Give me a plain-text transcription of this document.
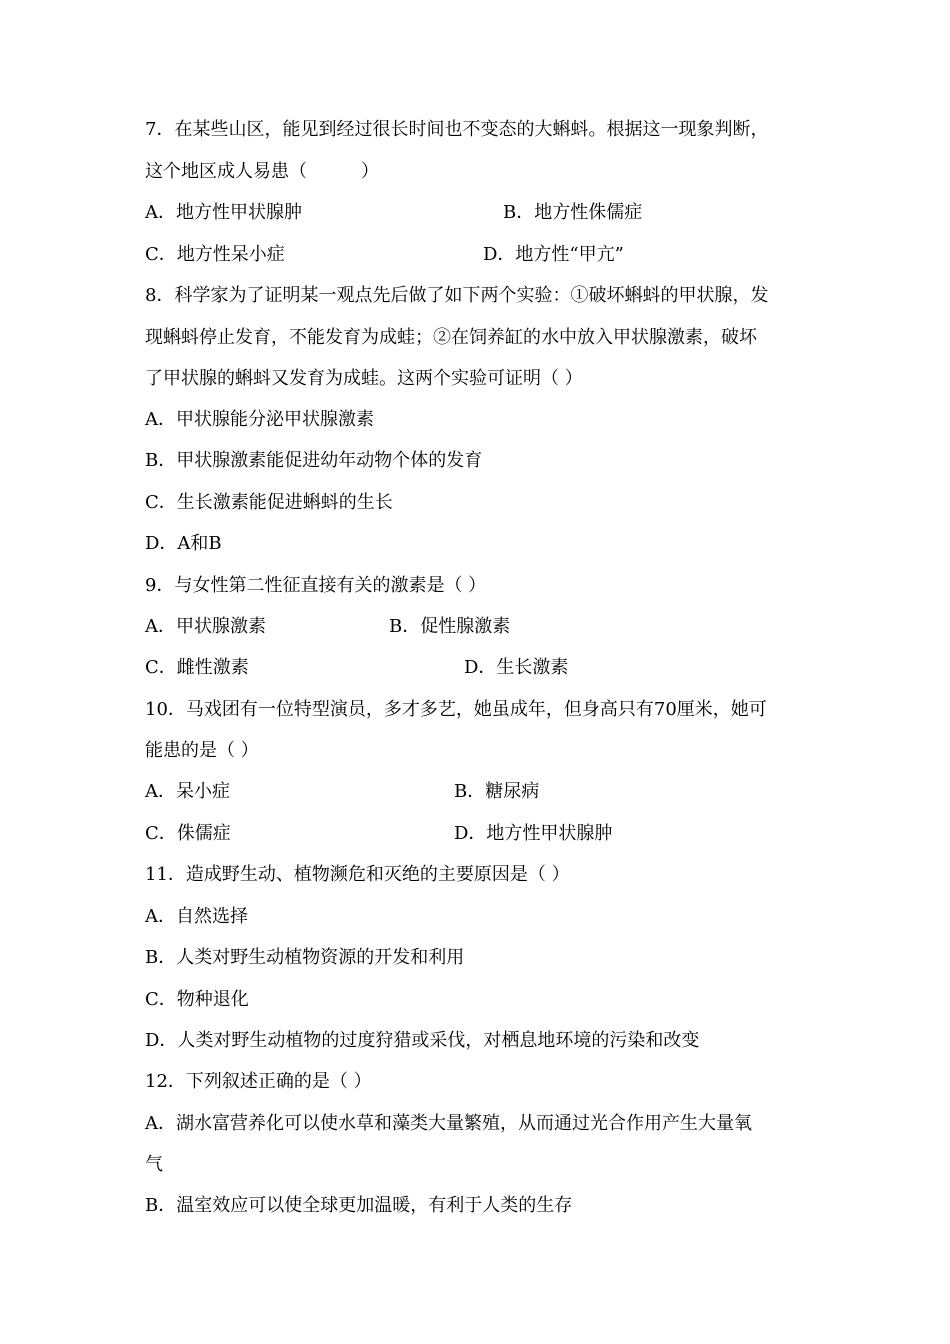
7．在某些山区，能见到经过很长时间也不变态的大蝌蚪。根据这一现象判断，
这个地区成人易患（　　　）
A．地方性甲状腺肿	B．地方性侏儒症
C．地方性呆小症	D．地方性“甲亢”
8．科学家为了证明某一观点先后做了如下两个实验：①破坏蝌蚪的甲状腺，发
现蝌蚪停止发育，不能发育为成蛙；②在饲养缸的水中放入甲状腺激素，破坏
了甲状腺的蝌蚪又发育为成蛙。这两个实验可证明（ ）
A．甲状腺能分泌甲状腺激素
B．甲状腺激素能促进幼年动物个体的发育
C．生长激素能促进蝌蚪的生长
D．A和B
9．与女性第二性征直接有关的激素是（ ）
A．甲状腺激素	B．促性腺激素
C．雌性激素	D．生长激素
10．马戏团有一位特型演员，多才多艺，她虽成年，但身高只有70厘米，她可
能患的是（ ）
A．呆小症	B．糖尿病
C．侏儒症	D．地方性甲状腺肿
11．造成野生动、植物濒危和灭绝的主要原因是（ ）
A．自然选择
B．人类对野生动植物资源的开发和利用
C．物种退化
D．人类对野生动植物的过度狩猎或采伐，对栖息地环境的污染和改变
12．下列叙述正确的是（ ）
A．湖水富营养化可以使水草和藻类大量繁殖，从而通过光合作用产生大量氧
气
B．温室效应可以使全球更加温暖，有利于人类的生存
